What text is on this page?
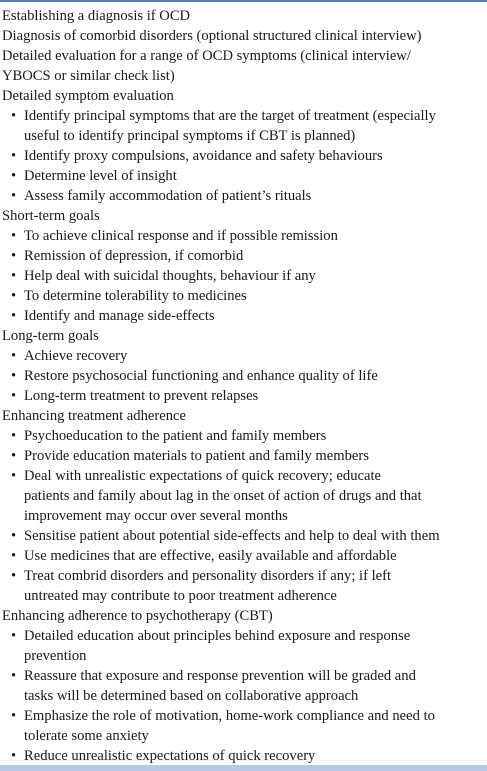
Establishing a diagnosis if OCD
Diagnosis of comorbid disorders (optional structured clinical interview)
Detailed evaluation for a range of OCD symptoms (clinical interview/
YBOCS or similar check list)
Detailed symptom evaluation
• Identify principal symptoms that are the target of treatment (especially
useful to identify principal symptoms if CBT is planned)
• Identify proxy compulsions, avoidance and safety behaviours
• Determine level of insight
• Assess family accommodation of patient’s rituals
Short-term goals
• To achieve clinical response and if possible remission
• Remission of depression, if comorbid
• Help deal with suicidal thoughts, behaviour if any
• To determine tolerability to medicines
• Identify and manage side-effects
Long-term goals
• Achieve recovery
• Restore psychosocial functioning and enhance quality of life
• Long-term treatment to prevent relapses
Enhancing treatment adherence
• Psychoeducation to the patient and family members
• Provide education materials to patient and family members
• Deal with unrealistic expectations of quick recovery; educate
patients and family about lag in the onset of action of drugs and that
improvement may occur over several months
• Sensitise patient about potential side-effects and help to deal with them
• Use medicines that are effective, easily available and affordable
• Treat combrid disorders and personality disorders if any; if left
untreated may contribute to poor treatment adherence
Enhancing adherence to psychotherapy (CBT)
• Detailed education about principles behind exposure and response
prevention
• Reassure that exposure and response prevention will be graded and
tasks will be determined based on collaborative approach
• Emphasize the role of motivation, home-work compliance and need to
tolerate some anxiety
• Reduce unrealistic expectations of quick recovery
